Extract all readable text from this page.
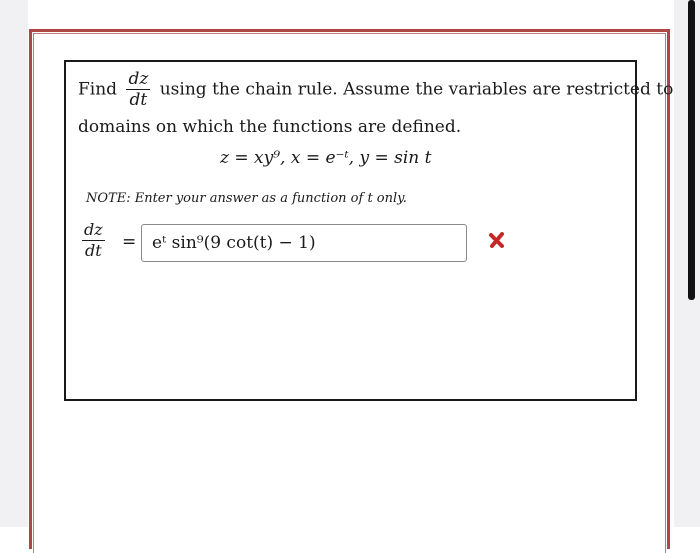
Find $\frac{dz}{dt}$ using the chain rule. Assume the variables are restricted to
domains on which the functions are defined.
z = xy⁹, x = e⁻ᵗ, y = sin t
NOTE: Enter your answer as a function of t only.
$\frac{dz}{dt}$ =
eᵗ sin⁹(9 cot(t) − 1)
